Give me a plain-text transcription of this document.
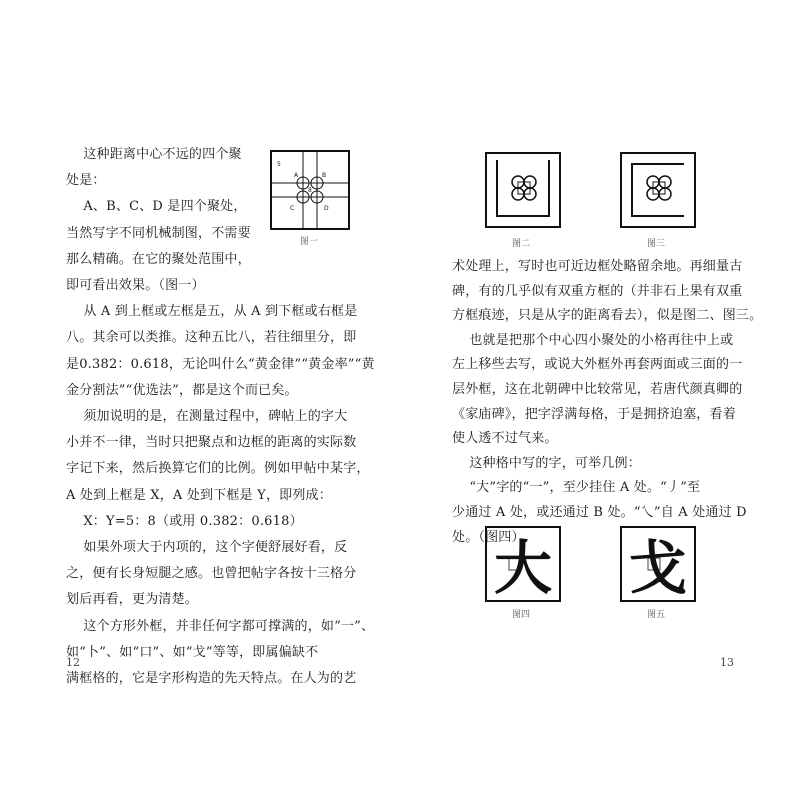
这种距离中心不远的四个聚
处是：
A、B、C、D 是四个聚处，
当然写字不同机械制图，不需要
那么精确。在它的聚处范围中，
即可看出效果。（图一）
从 A 到上框或左框是五，从 A 到下框或右框是
八。其余可以类推。这种五比八，若往细里分，即
是0.382：0.618，无论叫什么“黄金律”“黄金率”“黄
金分割法”“优选法”，都是这个而已矣。
须加说明的是，在测量过程中，碑帖上的字大
小并不一律，当时只把聚点和边框的距离的实际数
字记下来，然后换算它们的比例。例如甲帖中某字，
A 处到上框是 X，A 处到下框是 Y，即列成：
X：Y=5：8（或用 0.382：0.618）
如果外项大于内项的，这个字便舒展好看，反
之，便有长身短腿之感。也曾把帖字各按十三格分
划后再看，更为清楚。
这个方形外框，并非任何字都可撑满的，如“一”、
如“卜”、如“口”、如“戈”等等，即属偏缺不
满框格的，它是字形构造的先天特点。在人为的艺
5
A	B
C	D
8
图一
12
图二	图三
术处理上，写时也可近边框处略留余地。再细量古
碑，有的几乎似有双重方框的（并非石上果有双重
方框痕迹，只是从字的距离看去），似是图二、图三。
也就是把那个中心四小聚处的小格再往中上或
左上移些去写，或说大外框外再套两面或三面的一
层外框，这在北朝碑中比较常见，若唐代颜真卿的
《家庙碑》，把字浮满每格，于是拥挤迫塞，看着
使人透不过气来。
这种格中写的字，可举几例：
“大”字的“一”，至少挂住 A 处。“丿”至
少通过 A 处，或还通过 B 处。“乀”自 A 处通过 D
处。（图四）
大
图四
戈
图五
13
